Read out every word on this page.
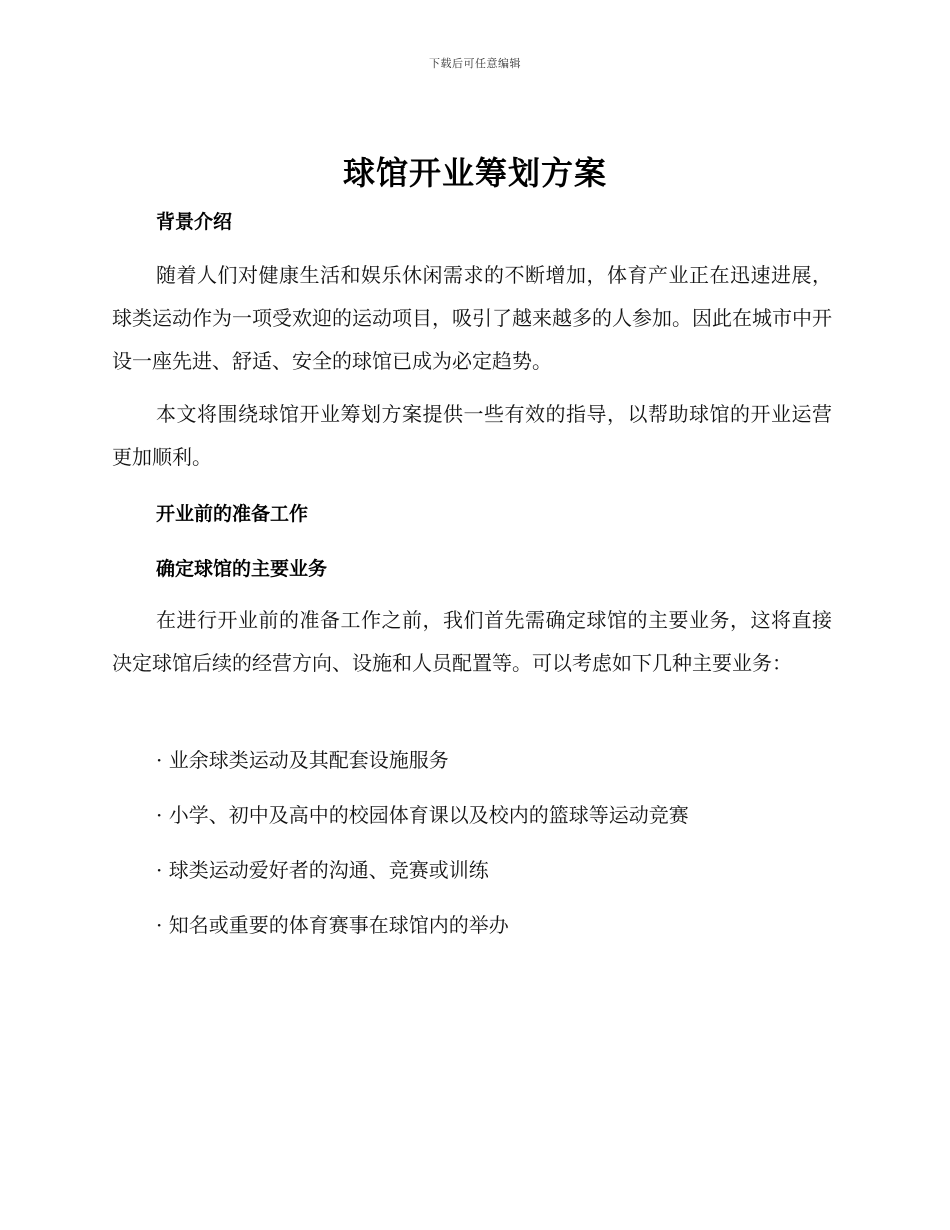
下载后可任意编辑
球馆开业筹划方案
背景介绍
随着人们对健康生活和娱乐休闲需求的不断增加，体育产业正在迅速进展，球类运动作为一项受欢迎的运动项目，吸引了越来越多的人参加。因此在城市中开设一座先进、舒适、安全的球馆已成为必定趋势。
本文将围绕球馆开业筹划方案提供一些有效的指导，以帮助球馆的开业运营更加顺利。
开业前的准备工作
确定球馆的主要业务
在进行开业前的准备工作之前，我们首先需确定球馆的主要业务，这将直接决定球馆后续的经营方向、设施和人员配置等。可以考虑如下几种主要业务：
· 业余球类运动及其配套设施服务
· 小学、初中及高中的校园体育课以及校内的篮球等运动竞赛
· 球类运动爱好者的沟通、竞赛或训练
· 知名或重要的体育赛事在球馆内的举办
